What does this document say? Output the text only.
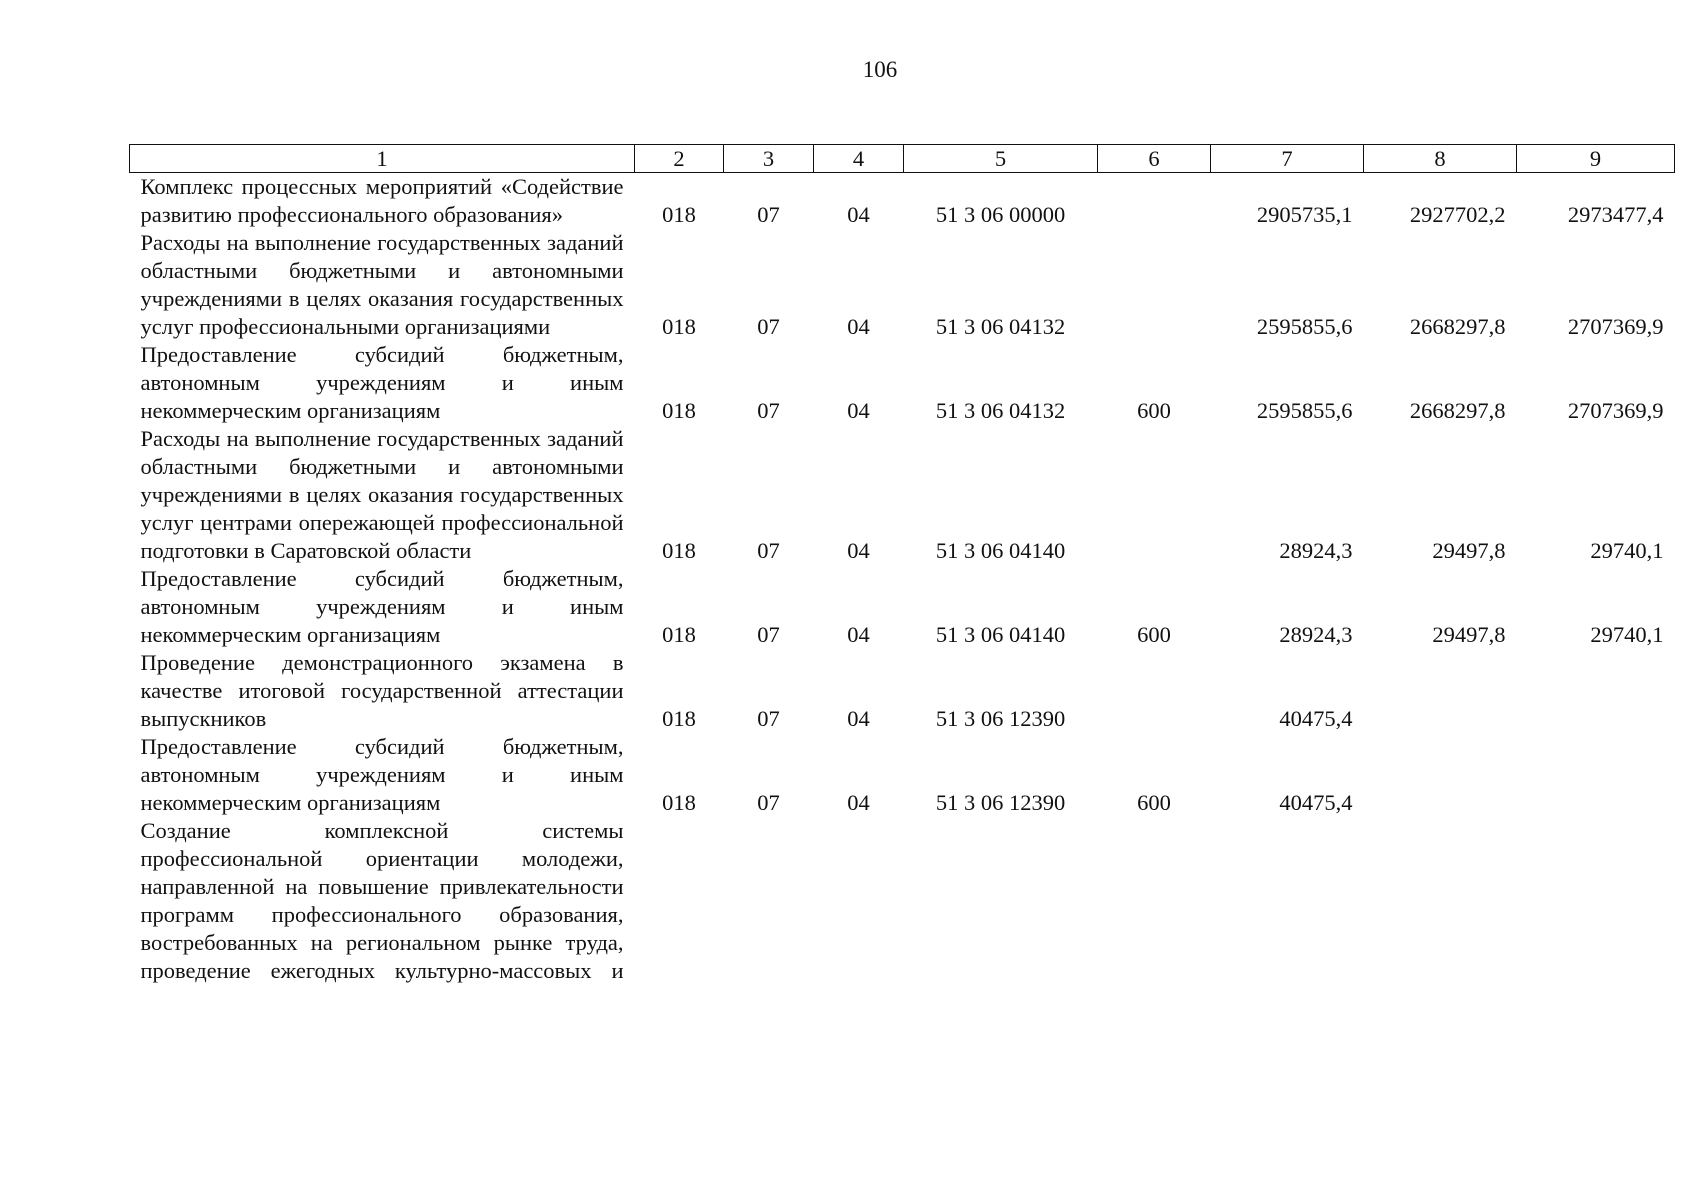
106
1	2	3	4	5	6	7	8	9
Комплекс процессных мероприятий «Содействие развитию профессионального образования»	018	07	04	51 3 06 00000		2905735,1	2927702,2	2973477,4
Расходы на выполнение государственных заданий областными бюджетными и автономными учреждениями в целях оказания государственных услуг профессиональными организациями	018	07	04	51 3 06 04132		2595855,6	2668297,8	2707369,9
Предоставление субсидий бюджетным, автономным учреждениям и иным некоммерческим организациям	018	07	04	51 3 06 04132	600	2595855,6	2668297,8	2707369,9
Расходы на выполнение государственных заданий областными бюджетными и автономными учреждениями в целях оказания государственных услуг центрами опережающей профессиональной подготовки в Саратовской области	018	07	04	51 3 06 04140		28924,3	29497,8	29740,1
Предоставление субсидий бюджетным, автономным учреждениям и иным некоммерческим организациям	018	07	04	51 3 06 04140	600	28924,3	29497,8	29740,1
Проведение демонстрационного экзамена в качестве итоговой государственной аттестации выпускников	018	07	04	51 3 06 12390		40475,4		
Предоставление субсидий бюджетным, автономным учреждениям и иным некоммерческим организациям	018	07	04	51 3 06 12390	600	40475,4		
Создание комплексной системы профессиональной ориентации молодежи, направленной на повышение привлекательности программ профессионального образования, востребованных на региональном рынке труда, проведение ежегодных культурно-массовых и								
